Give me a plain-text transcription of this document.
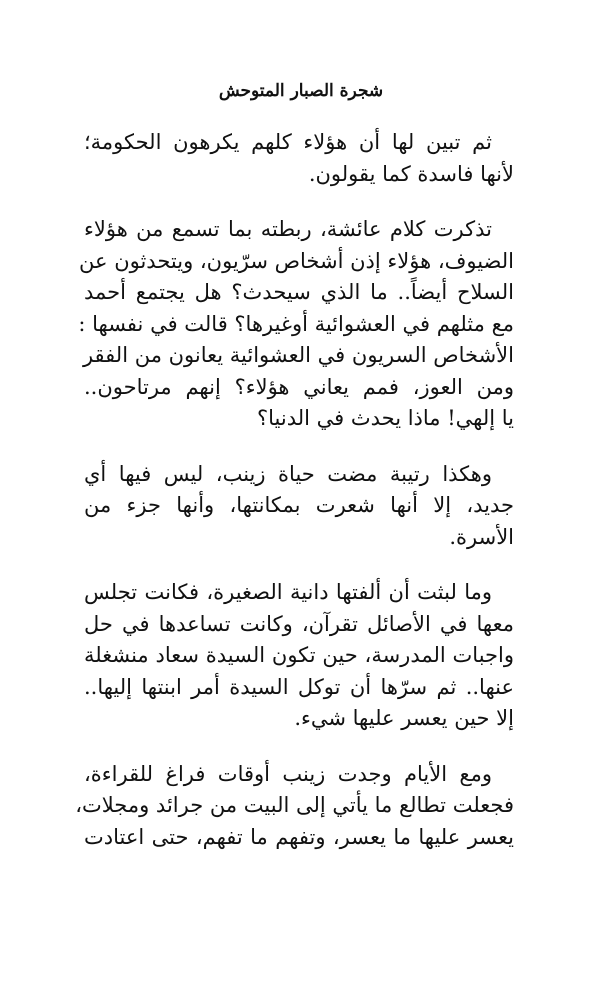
شجرة الصبار المتوحش
ثم تبين لها أن هؤلاء كلهم يكرهون الحكومة؛
لأنها فاسدة كما يقولون.
تذكرت كلام عائشة، ربطته بما تسمع من هؤلاء
الضيوف، هؤلاء إذن أشخاص سرّيون، ويتحدثون عن
السلاح أيضاً.. ما الذي سيحدث؟ هل يجتمع أحمد
مع مثلهم في العشوائية أوغيرها؟ قالت في نفسها :
الأشخاص السريون في العشوائية يعانون من الفقر
ومن العوز، فمم يعاني هؤلاء؟ إنهم مرتاحون..
يا إلهي! ماذا يحدث في الدنيا؟
وهكذا رتيبة مضت حياة زينب، ليس فيها أي
جديد، إلا أنها شعرت بمكانتها، وأنها جزء من
الأسرة.
وما لبثت أن ألفتها دانية الصغيرة، فكانت تجلس
معها في الأصائل تقرآن، وكانت تساعدها في حل
واجبات المدرسة، حين تكون السيدة سعاد منشغلة
عنها.. ثم سرّها أن توكل السيدة أمر ابنتها إليها..
إلا حين يعسر عليها شيء.
ومع الأيام وجدت زينب أوقات فراغ للقراءة،
فجعلت تطالع ما يأتي إلى البيت من جرائد ومجلات،
يعسر عليها ما يعسر، وتفهم ما تفهم، حتى اعتادت
